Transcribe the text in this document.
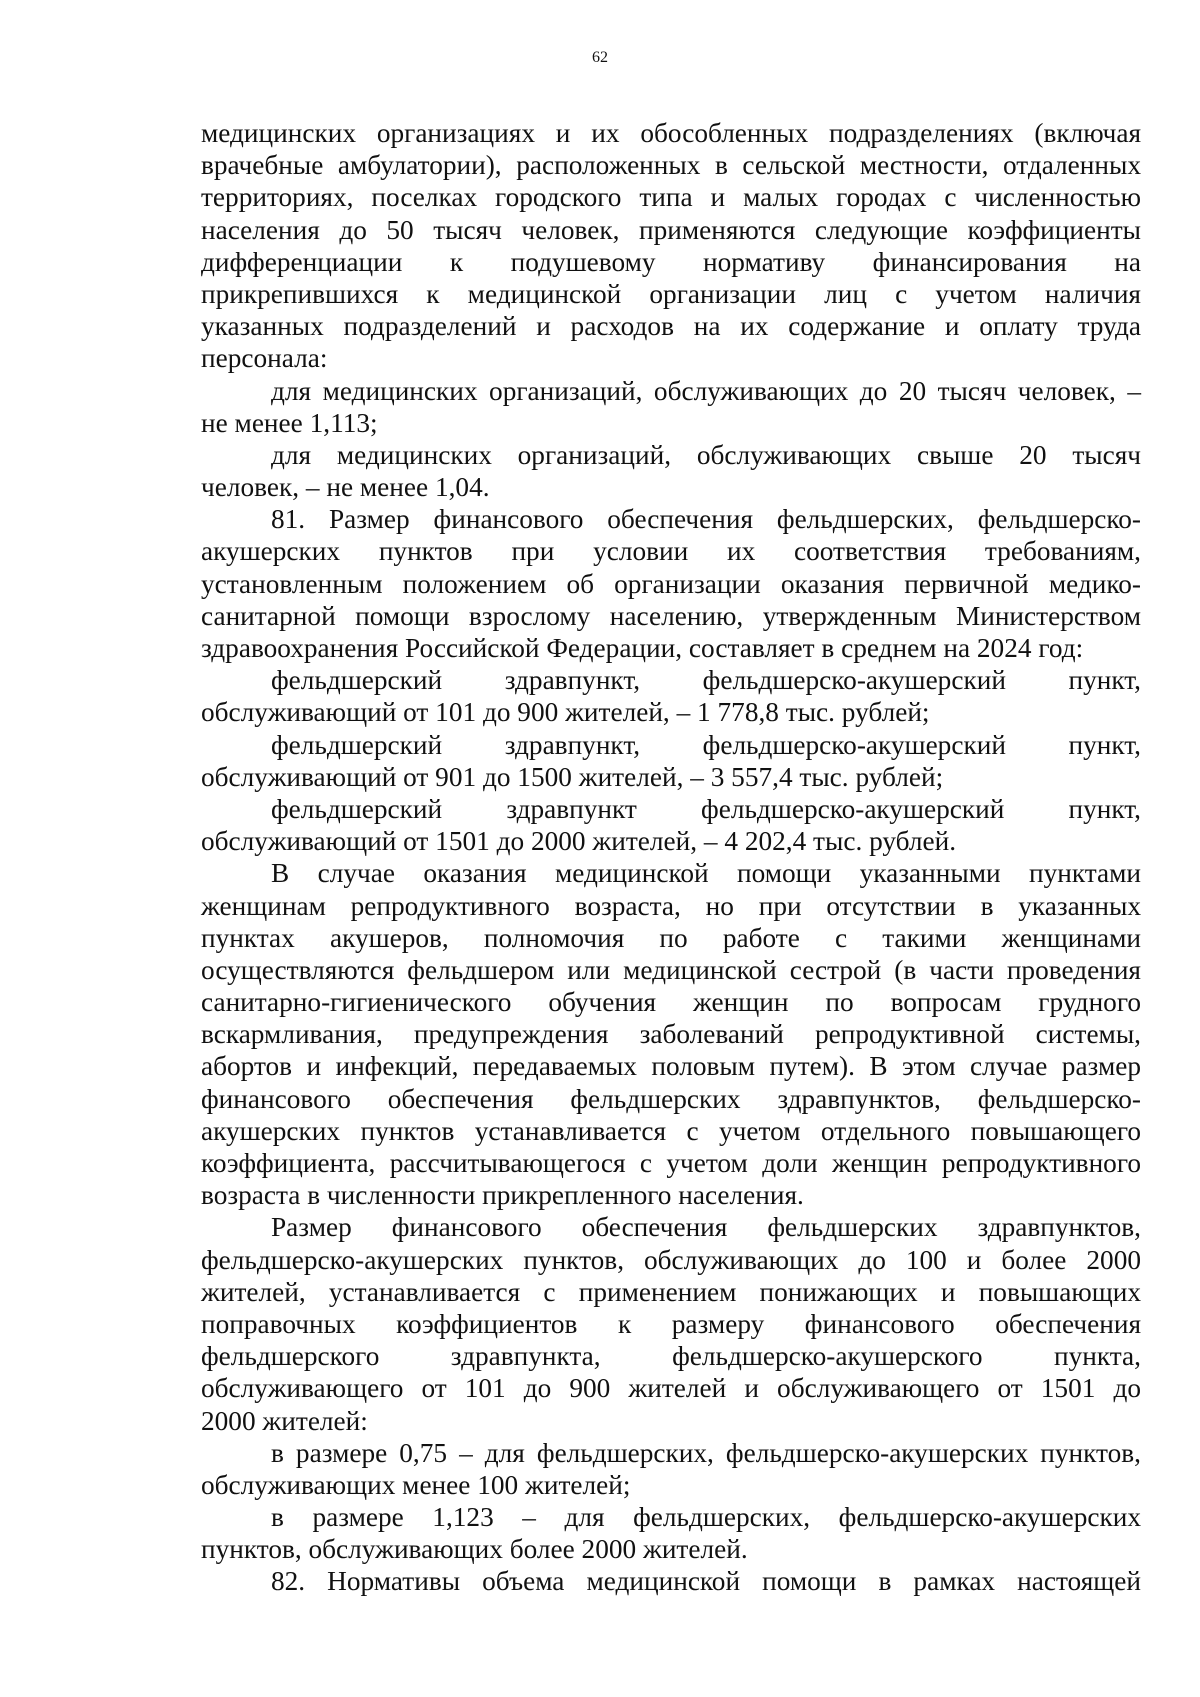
62
медицинских организациях и их обособленных подразделениях (включая
врачебные амбулатории), расположенных в сельской местности, отдаленных
территориях, поселках городского типа и малых городах с численностью
населения до 50 тысяч человек, применяются следующие коэффициенты
дифференциации к подушевому нормативу финансирования на
прикрепившихся к медицинской организации лиц с учетом наличия
указанных подразделений и расходов на их содержание и оплату труда
персонала:
для медицинских организаций, обслуживающих до 20 тысяч человек, –
не менее 1,113;
для медицинских организаций, обслуживающих свыше 20 тысяч
человек, – не менее 1,04.
81. Размер финансового обеспечения фельдшерских, фельдшерско-
акушерских пунктов при условии их соответствия требованиям,
установленным положением об организации оказания первичной медико-
санитарной помощи взрослому населению, утвержденным Министерством
здравоохранения Российской Федерации, составляет в среднем на 2024 год:
фельдшерский здравпункт, фельдшерско-акушерский пункт,
обслуживающий от 101 до 900 жителей, – 1 778,8 тыс. рублей;
фельдшерский здравпункт, фельдшерско-акушерский пункт,
обслуживающий от 901 до 1500 жителей, – 3 557,4 тыс. рублей;
фельдшерский здравпункт фельдшерско-акушерский пункт,
обслуживающий от 1501 до 2000 жителей, – 4 202,4 тыс. рублей.
В случае оказания медицинской помощи указанными пунктами
женщинам репродуктивного возраста, но при отсутствии в указанных
пунктах акушеров, полномочия по работе с такими женщинами
осуществляются фельдшером или медицинской сестрой (в части проведения
санитарно-гигиенического обучения женщин по вопросам грудного
вскармливания, предупреждения заболеваний репродуктивной системы,
абортов и инфекций, передаваемых половым путем). В этом случае размер
финансового обеспечения фельдшерских здравпунктов, фельдшерско-
акушерских пунктов устанавливается с учетом отдельного повышающего
коэффициента, рассчитывающегося с учетом доли женщин репродуктивного
возраста в численности прикрепленного населения.
Размер финансового обеспечения фельдшерских здравпунктов,
фельдшерско-акушерских пунктов, обслуживающих до 100 и более 2000
жителей, устанавливается с применением понижающих и повышающих
поправочных коэффициентов к размеру финансового обеспечения
фельдшерского здравпункта, фельдшерско-акушерского пункта,
обслуживающего от 101 до 900 жителей и обслуживающего от 1501 до
2000 жителей:
в размере 0,75 – для фельдшерских, фельдшерско-акушерских пунктов,
обслуживающих менее 100 жителей;
в размере 1,123 – для фельдшерских, фельдшерско-акушерских
пунктов, обслуживающих более 2000 жителей.
82. Нормативы объема медицинской помощи в рамках настоящей
